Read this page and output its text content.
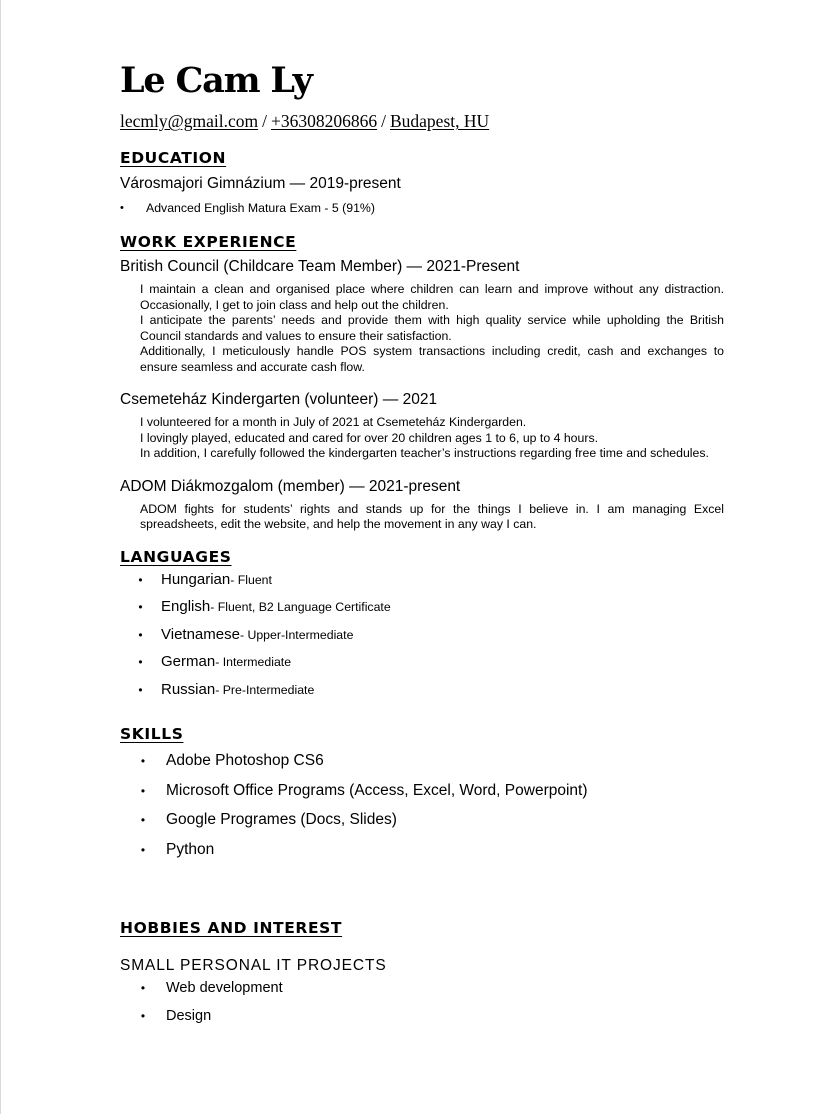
Le Cam Ly
lecmly@gmail.com / +36308206866 / Budapest, HU
EDUCATION
Városmajori Gimnázium — 2019-present
•	Advanced English Matura Exam - 5 (91%)
WORK EXPERIENCE
British Council (Childcare Team Member) — 2021-Present

I maintain a clean and organised place where children can learn and improve without any distraction. Occasionally, I get to join class and help out the children.

I anticipate the parents’ needs and provide them with high quality service while upholding the British Council standards and values to ensure their satisfaction.

Additionally, I meticulously handle POS system transactions including credit, cash and exchanges to ensure seamless and accurate cash flow.

Csemeteház Kindergarten (volunteer) — 2021

I volunteered for a month in July of 2021 at Csemeteház Kindergarden.

I lovingly played, educated and cared for over 20 children ages 1 to 6, up to 4 hours.

In addition, I carefully followed the kindergarten teacher’s instructions regarding free time and schedules.

ADOM Diákmozgalom (member) — 2021-present

ADOM fights for students’ rights and stands up for the things I believe in. I am managing Excel spreadsheets, edit the website, and help the movement in any way I can.

LANGUAGES
•	Hungarian - Fluent
•	English - Fluent, B2 Language Certificate
•	Vietnamese - Upper-Intermediate
•	German - Intermediate
•	Russian - Pre-Intermediate
SKILLS
•	Adobe Photoshop CS6
•	Microsoft Office Programs (Access, Excel, Word, Powerpoint)
•	Google Programes (Docs, Slides)
•	Python
HOBBIES AND INTEREST
SMALL PERSONAL IT PROJECTS
•	Web development
•	Design
